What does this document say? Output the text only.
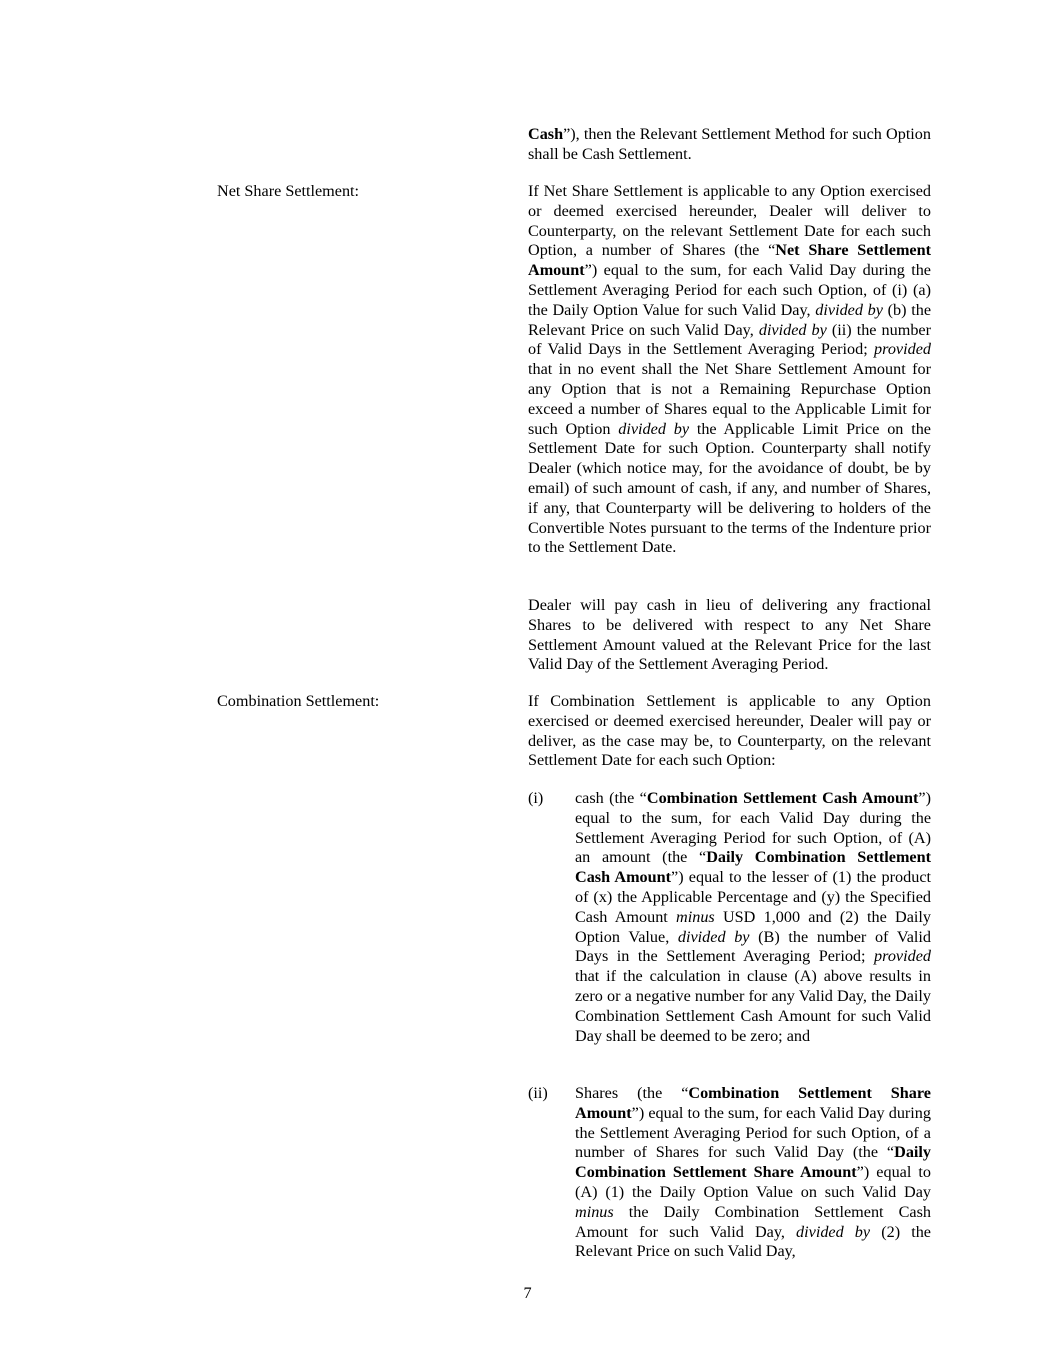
Cash”), then the Relevant Settlement Method for such Option shall be Cash Settlement.

Net Share Settlement:	If Net Share Settlement is applicable to any Option exercised or deemed exercised hereunder, Dealer will deliver to Counterparty, on the relevant Settlement Date for each such Option, a number of Shares (the “Net Share Settlement Amount”) equal to the sum, for each Valid Day during the Settlement Averaging Period for each such Option, of (i) (a) the Daily Option Value for such Valid Day, divided by (b) the Relevant Price on such Valid Day, divided by (ii) the number of Valid Days in the Settlement Averaging Period; provided that in no event shall the Net Share Settlement Amount for any Option that is not a Remaining Repurchase Option exceed a number of Shares equal to the Applicable Limit for such Option divided by the Applicable Limit Price on the Settlement Date for such Option. Counterparty shall notify Dealer (which notice may, for the avoidance of doubt, be by email) of such amount of cash, if any, and number of Shares, if any, that Counterparty will be delivering to holders of the Convertible Notes pursuant to the terms of the Indenture prior to the Settlement Date.

Dealer will pay cash in lieu of delivering any fractional Shares to be delivered with respect to any Net Share Settlement Amount valued at the Relevant Price for the last Valid Day of the Settlement Averaging Period.

Combination Settlement:	If Combination Settlement is applicable to any Option exercised or deemed exercised hereunder, Dealer will pay or deliver, as the case may be, to Counterparty, on the relevant Settlement Date for each such Option:

(i) cash (the “Combination Settlement Cash Amount”) equal to the sum, for each Valid Day during the Settlement Averaging Period for such Option, of (A) an amount (the “Daily Combination Settlement Cash Amount”) equal to the lesser of (1) the product of (x) the Applicable Percentage and (y) the Specified Cash Amount minus USD 1,000 and (2) the Daily Option Value, divided by (B) the number of Valid Days in the Settlement Averaging Period; provided that if the calculation in clause (A) above results in zero or a negative number for any Valid Day, the Daily Combination Settlement Cash Amount for such Valid Day shall be deemed to be zero; and
(ii) Shares (the “Combination Settlement Share Amount”) equal to the sum, for each Valid Day during the Settlement Averaging Period for such Option, of a number of Shares for such Valid Day (the “Daily Combination Settlement Share Amount”) equal to (A) (1) the Daily Option Value on such Valid Day minus the Daily Combination Settlement Cash Amount for such Valid Day, divided by (2) the Relevant Price on such Valid Day,
7
